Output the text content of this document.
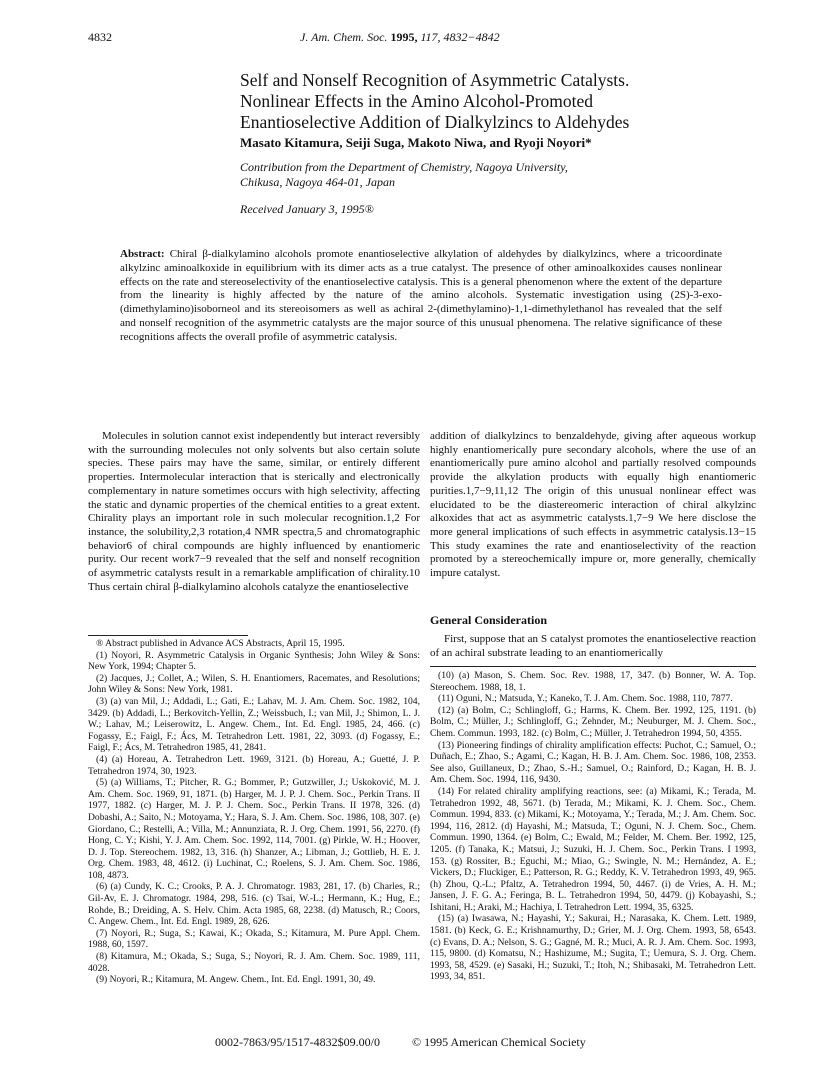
4832	J. Am. Chem. Soc. 1995, 117, 4832−4842
Self and Nonself Recognition of Asymmetric Catalysts.
Nonlinear Effects in the Amino Alcohol-Promoted
Enantioselective Addition of Dialkylzincs to Aldehydes
Masato Kitamura, Seiji Suga, Makoto Niwa, and Ryoji Noyori*
Contribution from the Department of Chemistry, Nagoya University,
Chikusa, Nagoya 464-01, Japan
Received January 3, 1995®
Abstract: Chiral β-dialkylamino alcohols promote enantioselective alkylation of aldehydes by dialkylzincs, where a tricoordinate alkylzinc aminoalkoxide in equilibrium with its dimer acts as a true catalyst. The presence of other aminoalkoxides causes nonlinear effects on the rate and stereoselectivity of the enantioselective catalysis. This is a general phenomenon where the extent of the departure from the linearity is highly affected by the nature of the amino alcohols. Systematic investigation using (2S)-3-exo-(dimethylamino)isoborneol and its stereoisomers as well as achiral 2-(dimethylamino)-1,1-dimethylethanol has revealed that the self and nonself recognition of the asymmetric catalysts are the major source of this unusual phenomena. The relative significance of these recognitions affects the overall profile of asymmetric catalysis.
Molecules in solution cannot exist independently but interact reversibly with the surrounding molecules not only solvents but also certain solute species. These pairs may have the same, similar, or entirely different properties. Intermolecular interaction that is sterically and electronically complementary in nature sometimes occurs with high selectivity, affecting the static and dynamic properties of the chemical entities to a great extent. Chirality plays an important role in such molecular recognition.1,2 For instance, the solubility,2,3 rotation,4 NMR spectra,5 and chromatographic behavior6 of chiral compounds are highly influenced by enantiomeric purity. Our recent work7−9 revealed that the self and nonself recognition of asymmetric catalysts result in a remarkable amplification of chirality.10 Thus certain chiral β-dialkylamino alcohols catalyze the enantioselective
addition of dialkylzincs to benzaldehyde, giving after aqueous workup highly enantiomerically pure secondary alcohols, where the use of an enantiomerically pure amino alcohol and partially resolved compounds provide the alkylation products with equally high enantiomeric purities.1,7−9,11,12 The origin of this unusual nonlinear effect was elucidated to be the diastereomeric interaction of chiral alkylzinc alkoxides that act as asymmetric catalysts.1,7−9 We here disclose the more general implications of such effects in asymmetric catalysis.13−15 This study examines the rate and enantioselectivity of the reaction promoted by a stereochemically impure or, more generally, chemically impure catalyst.
General Consideration
First, suppose that an S catalyst promotes the enantioselective reaction of an achiral substrate leading to an enantiomerically

® Abstract published in Advance ACS Abstracts, April 15, 1995.

(1) Noyori, R. Asymmetric Catalysis in Organic Synthesis; John Wiley & Sons: New York, 1994; Chapter 5.

(2) Jacques, J.; Collet, A.; Wilen, S. H. Enantiomers, Racemates, and Resolutions; John Wiley & Sons: New York, 1981.

(3) (a) van Mil, J.; Addadi, L.; Gati, E.; Lahav, M. J. Am. Chem. Soc. 1982, 104, 3429. (b) Addadi, L.; Berkovitch-Yellin, Z.; Weissbuch, I.; van Mil, J.; Shimon, L. J. W.; Lahav, M.; Leiserowitz, L. Angew. Chem., Int. Ed. Engl. 1985, 24, 466. (c) Fogassy, E.; Faigl, F.; Ács, M. Tetrahedron Lett. 1981, 22, 3093. (d) Fogassy, E.; Faigl, F.; Ács, M. Tetrahedron 1985, 41, 2841.

(4) (a) Horeau, A. Tetrahedron Lett. 1969, 3121. (b) Horeau, A.; Guetté, J. P. Tetrahedron 1974, 30, 1923.

(5) (a) Williams, T.; Pitcher, R. G.; Bommer, P.; Gutzwiller, J.; Uskoković, M. J. Am. Chem. Soc. 1969, 91, 1871. (b) Harger, M. J. P. J. Chem. Soc., Perkin Trans. II 1977, 1882. (c) Harger, M. J. P. J. Chem. Soc., Perkin Trans. II 1978, 326. (d) Dobashi, A.; Saito, N.; Motoyama, Y.; Hara, S. J. Am. Chem. Soc. 1986, 108, 307. (e) Giordano, C.; Restelli, A.; Villa, M.; Annunziata, R. J. Org. Chem. 1991, 56, 2270. (f) Hong, C. Y.; Kishi, Y. J. Am. Chem. Soc. 1992, 114, 7001. (g) Pirkle, W. H.; Hoover, D. J. Top. Stereochem. 1982, 13, 316. (h) Shanzer, A.; Libman, J.; Gottlieb, H. E. J. Org. Chem. 1983, 48, 4612. (i) Luchinat, C.; Roelens, S. J. Am. Chem. Soc. 1986, 108, 4873.

(6) (a) Cundy, K. C.; Crooks, P. A. J. Chromatogr. 1983, 281, 17. (b) Charles, R.; Gil-Av, E. J. Chromatogr. 1984, 298, 516. (c) Tsai, W.-L.; Hermann, K.; Hug, E.; Rohde, B.; Dreiding, A. S. Helv. Chim. Acta 1985, 68, 2238. (d) Matusch, R.; Coors, C. Angew. Chem., Int. Ed. Engl. 1989, 28, 626.

(7) Noyori, R.; Suga, S.; Kawai, K.; Okada, S.; Kitamura, M. Pure Appl. Chem. 1988, 60, 1597.

(8) Kitamura, M.; Okada, S.; Suga, S.; Noyori, R. J. Am. Chem. Soc. 1989, 111, 4028.

(9) Noyori, R.; Kitamura, M. Angew. Chem., Int. Ed. Engl. 1991, 30, 49.

(10) (a) Mason, S. Chem. Soc. Rev. 1988, 17, 347. (b) Bonner, W. A. Top. Stereochem. 1988, 18, 1.

(11) Oguni, N.; Matsuda, Y.; Kaneko, T. J. Am. Chem. Soc. 1988, 110, 7877.

(12) (a) Bolm, C.; Schlingloff, G.; Harms, K. Chem. Ber. 1992, 125, 1191. (b) Bolm, C.; Müller, J.; Schlingloff, G.; Zehnder, M.; Neuburger, M. J. Chem. Soc., Chem. Commun. 1993, 182. (c) Bolm, C.; Müller, J. Tetrahedron 1994, 50, 4355.

(13) Pioneering findings of chirality amplification effects: Puchot, C.; Samuel, O.; Duñach, E.; Zhao, S.; Agami, C.; Kagan, H. B. J. Am. Chem. Soc. 1986, 108, 2353. See also, Guillaneux, D.; Zhao, S.-H.; Samuel, O.; Rainford, D.; Kagan, H. B. J. Am. Chem. Soc. 1994, 116, 9430.

(14) For related chirality amplifying reactions, see: (a) Mikami, K.; Terada, M. Tetrahedron 1992, 48, 5671. (b) Terada, M.; Mikami, K. J. Chem. Soc., Chem. Commun. 1994, 833. (c) Mikami, K.; Motoyama, Y.; Terada, M.; J. Am. Chem. Soc. 1994, 116, 2812. (d) Hayashi, M.; Matsuda, T.; Oguni, N. J. Chem. Soc., Chem. Commun. 1990, 1364. (e) Bolm, C.; Ewald, M.; Felder, M. Chem. Ber. 1992, 125, 1205. (f) Tanaka, K.; Matsui, J.; Suzuki, H. J. Chem. Soc., Perkin Trans. I 1993, 153. (g) Rossiter, B.; Eguchi, M.; Miao, G.; Swingle, N. M.; Hernández, A. E.; Vickers, D.; Fluckiger, E.; Patterson, R. G.; Reddy, K. V. Tetrahedron 1993, 49, 965. (h) Zhou, Q.-L.; Pfaltz, A. Tetrahedron 1994, 50, 4467. (i) de Vries, A. H. M.; Jansen, J. F. G. A.; Feringa, B. L. Tetrahedron 1994, 50, 4479. (j) Kobayashi, S.; Ishitani, H.; Araki, M.; Hachiya, I. Tetrahedron Lett. 1994, 35, 6325.

(15) (a) Iwasawa, N.; Hayashi, Y.; Sakurai, H.; Narasaka, K. Chem. Lett. 1989, 1581. (b) Keck, G. E.; Krishnamurthy, D.; Grier, M. J. Org. Chem. 1993, 58, 6543. (c) Evans, D. A.; Nelson, S. G.; Gagné, M. R.; Muci, A. R. J. Am. Chem. Soc. 1993, 115, 9800. (d) Komatsu, N.; Hashizume, M.; Sugita, T.; Uemura, S. J. Org. Chem. 1993, 58, 4529. (e) Sasaki, H.; Suzuki, T.; Itoh, N.; Shibasaki, M. Tetrahedron Lett. 1993, 34, 851.

0002-7863/95/1517-4832$09.00/0	© 1995 American Chemical Society
